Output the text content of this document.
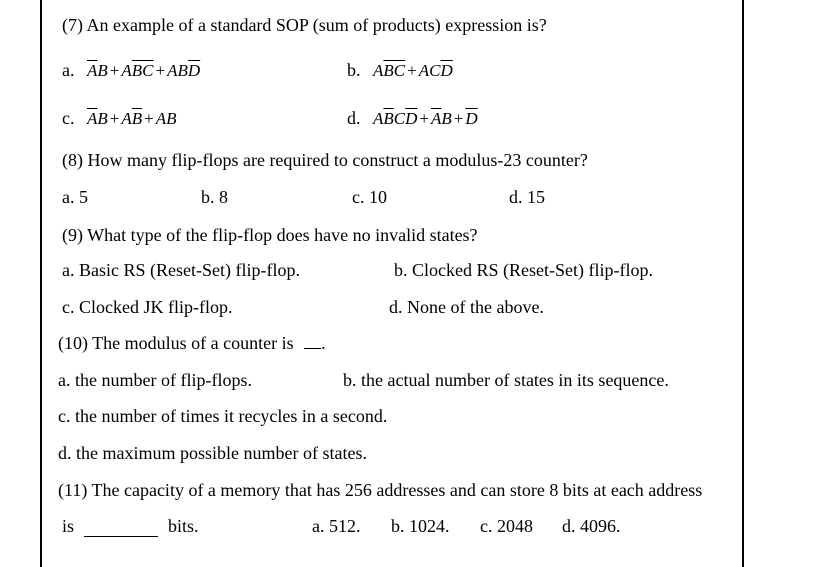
(7) An example of a standard SOP (sum of products) expression is?
a. $\overline{A}B + A\overline{BC} + AB\overline{D}$	b. $A\overline{BC} + AC\overline{D}$
c. $\overline{A}B + A\overline{B}$ + AB	d. $A\overline{B}C\overline{D} + \overline{A}B + \overline{D}$
(8) How many flip-flops are required to construct a modulus-23 counter?
a. 5	b. 8	c. 10	d. 15
(9) What type of the flip-flop does have no invalid states?
a. Basic RS (Reset-Set) flip-flop.	b. Clocked RS (Reset-Set) flip-flop.
c. Clocked JK flip-flop.	d. None of the above.
(10) The modulus of a counter is .
a. the number of flip-flops.	b. the actual number of states in its sequence.
c. the number of times it recycles in a second.
d. the maximum possible number of states.
(11) The capacity of a memory that has 256 addresses and can store 8 bits at each address
is	bits.	a. 512. b. 1024. c. 2048 d. 4096.
